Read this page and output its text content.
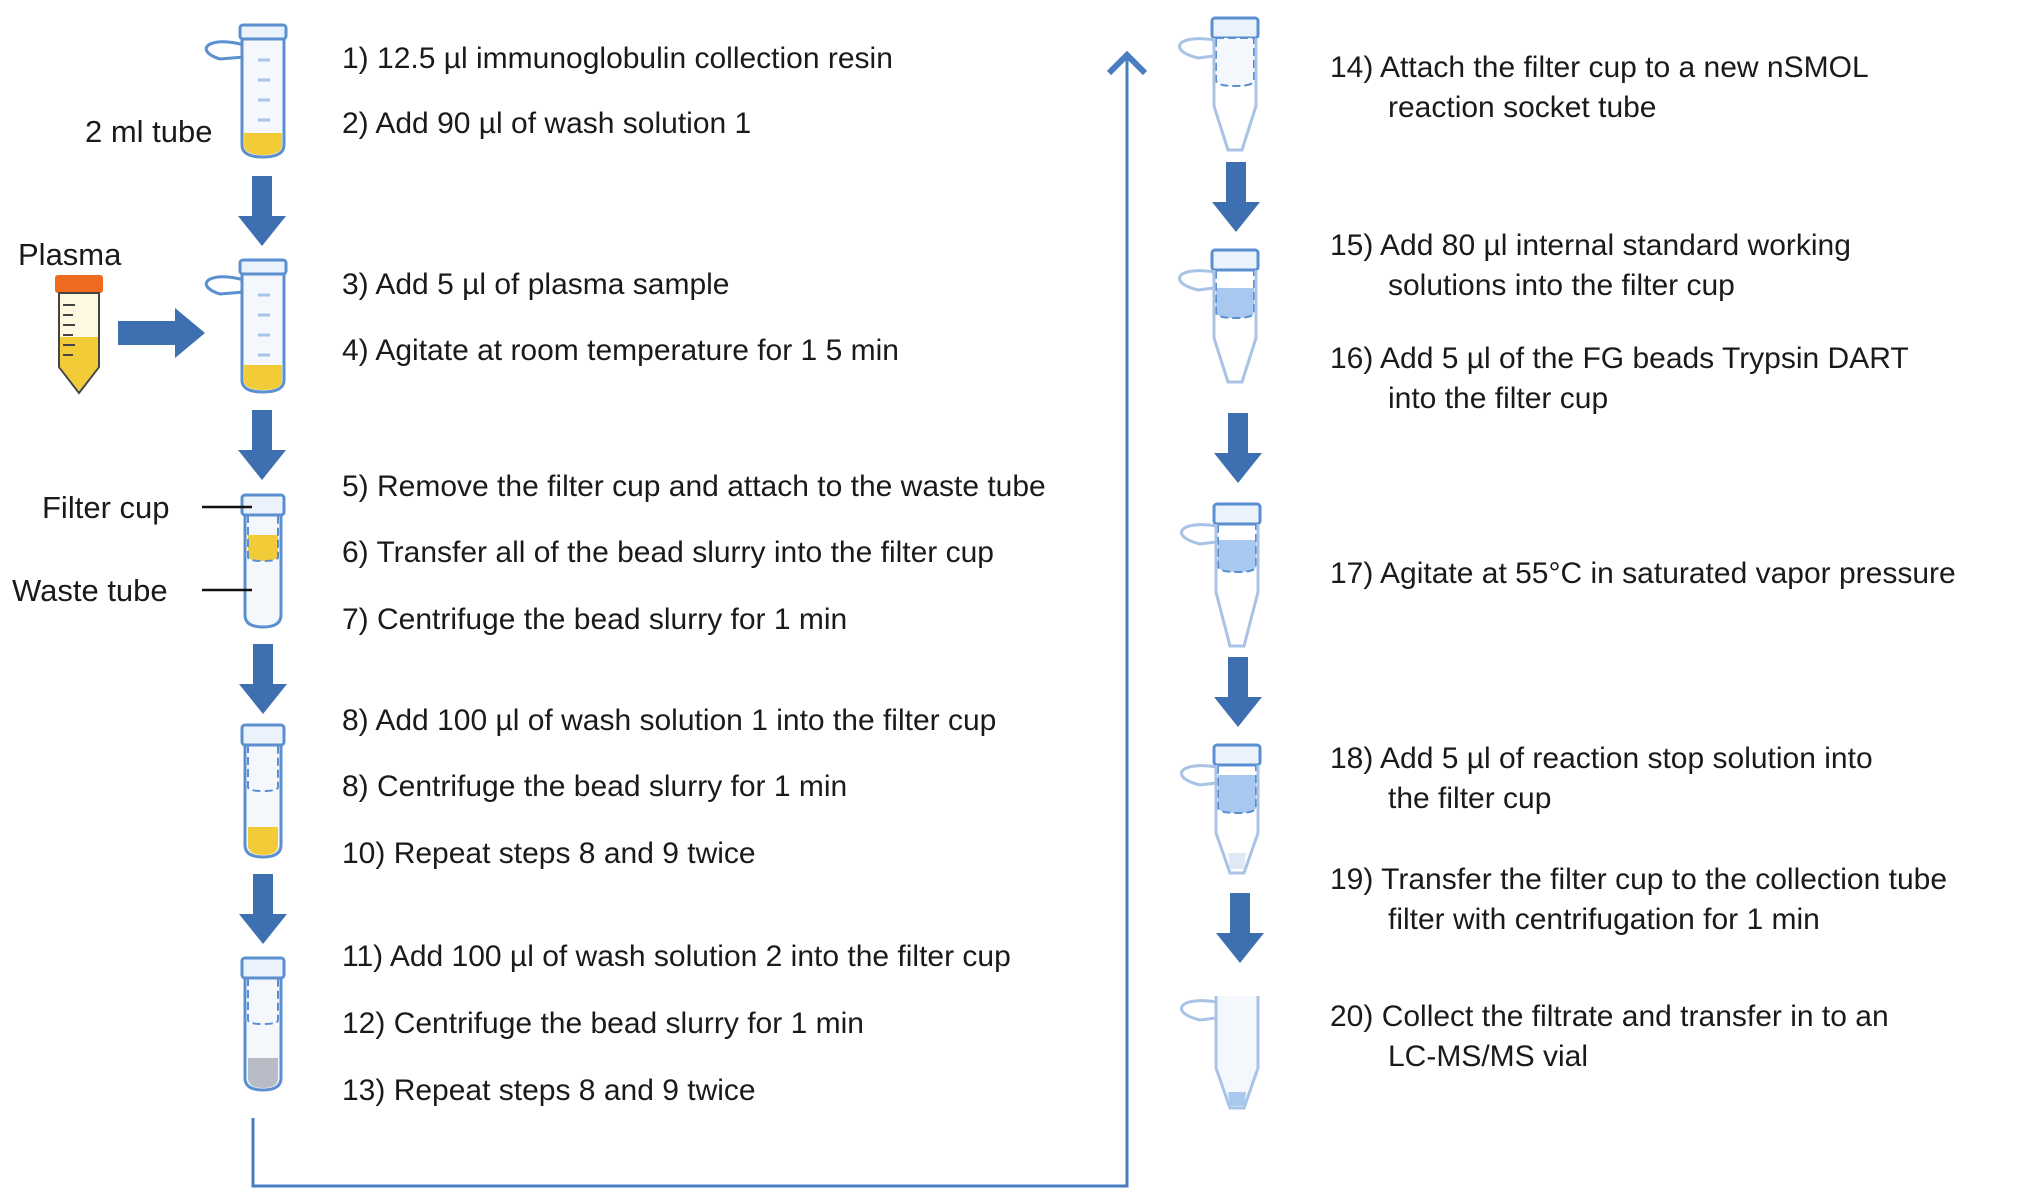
2 ml tube
Plasma
Filter cup
Waste tube
1) 12.5 µl immunoglobulin collection resin
2) Add 90 µl of wash solution 1
3) Add 5 µl of plasma sample
4) Agitate at room temperature for 1 5 min
5) Remove the filter cup and attach to the waste tube
6) Transfer all of the bead slurry into the filter cup
7) Centrifuge the bead slurry for 1 min
8) Add 100 µl of wash solution 1 into the filter cup
8) Centrifuge the bead slurry for 1 min
10) Repeat steps 8 and 9 twice
11) Add 100 µl of wash solution 2 into the filter cup
12) Centrifuge the bead slurry for 1 min
13) Repeat steps 8 and 9 twice
14) Attach the filter cup to a new nSMOL
reaction socket tube
15) Add 80 µl internal standard working
solutions into the filter cup
16) Add 5 µl of the FG beads Trypsin DART
into the filter cup
17) Agitate at 55°C in saturated vapor pressure
18) Add 5 µl of reaction stop solution into
the filter cup
19) Transfer the filter cup to the collection tube
filter with centrifugation for 1 min
20) Collect the filtrate and transfer in to an
LC-MS/MS vial
